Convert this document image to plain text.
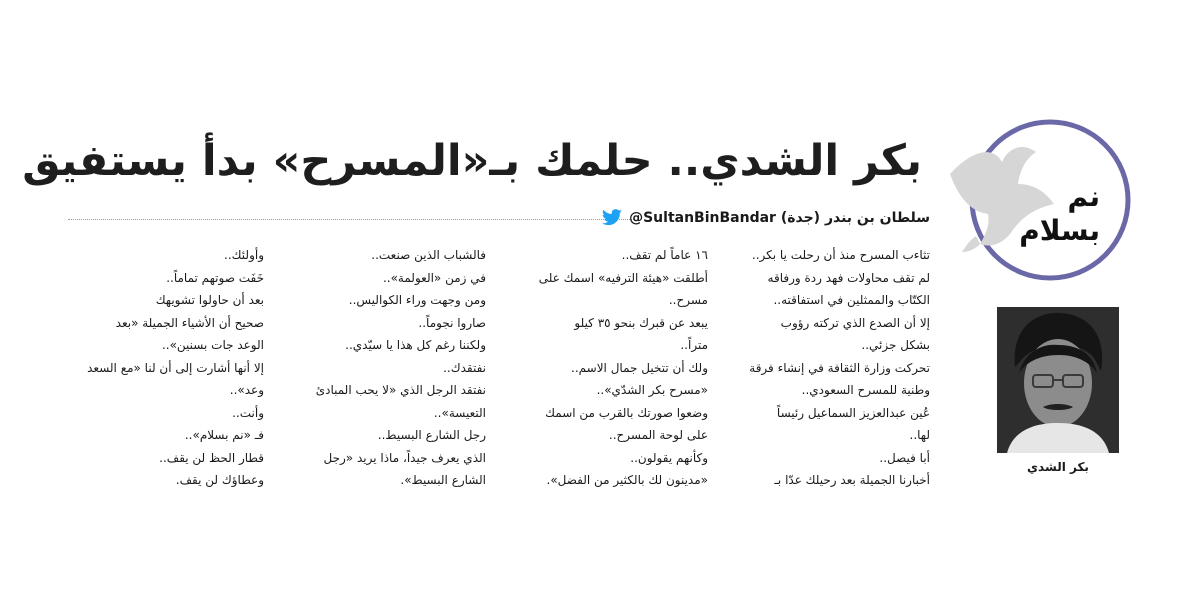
بكر الشدي.. حلمك بـ«المسرح» بدأ يستفيق
@SultanBinBandar سلطان بن بندر (جدة)

تثاءب المسرح منذ أن رحلت يا بكر..

لم تقف محاولات فهد ردة ورفاقه

الكتّاب والممثلين في استفاقته..

إلا أن الصدع الذي تركته رؤوب

بشكل جزئي..

تحركت وزارة الثقافة في إنشاء فرقة

وطنية للمسرح السعودي..

عُين عبدالعزيز السماعيل رئيساً

لها..

أبا فيصل..

أخبارنا الجميلة بعد رحيلك عدّا بـ

١٦ عاماً لم تقف..

أطلقت «هيئة الترفيه» اسمك على

مسرح..

يبعد عن قبرك بنحو ٣٥ كيلو

متراً..

ولك أن تتخيل جمال الاسم..

«مسرح بكر الشدّي»..

وضعوا صورتك بالقرب من اسمك

على لوحة المسرح..

وكأنهم يقولون..

«مدينون لك بالكثير من الفضل».

فالشباب الذين صنعت..

في زمن «العولمة»..

ومن وجهت وراء الكواليس..

صاروا نجوماً..

ولكننا رغم كل هذا يا سيّدي..

نفتقدك..

نفتقد الرجل الذي «لا يحب المبادئ

التعيسة»..

رجل الشارع البسيط..

الذي يعرف جيداً، ماذا يريد «رجل

الشارع البسيط».

وأولئك..

خَفَت صوتهم تماماً..

بعد أن حاولوا تشويهك

صحيح أن الأشياء الجميلة «بعد

الوعد جات بسنين»..

إلا أنها أشارت إلى أن لنا «مع السعد

وعد»..

وأنت..

فـ «نم بسلام»..

قطار الحظ لن يقف..

وعطاؤك لن يقف.

نم
بسلام
بكر الشدي
